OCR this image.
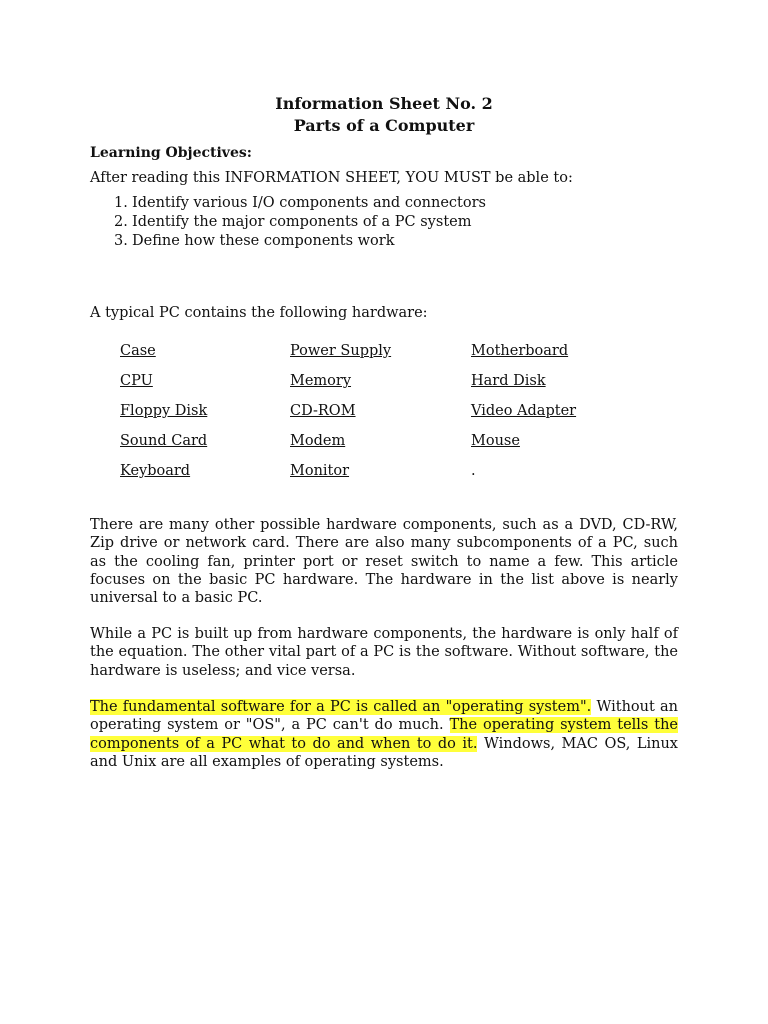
Information Sheet No. 2
Parts of a Computer
Learning Objectives:
After reading this INFORMATION SHEET, YOU MUST be able to:
1. Identify various I/O components and connectors
2. Identify the major components of a PC system
3. Define how these components work
A typical PC contains the following hardware:
Case	Power Supply	Motherboard
CPU	Memory	Hard Disk
Floppy Disk	CD-ROM	Video Adapter
Sound Card	Modem	Mouse
Keyboard	Monitor	.

There are many other possible hardware components, such as a DVD, CD-RW, Zip drive or network card. There are also many subcomponents of a PC, such as the cooling fan, printer port or reset switch to name a few. This article focuses on the basic PC hardware. The hardware in the list above is nearly universal to a basic PC.

While a PC is built up from hardware components, the hardware is only half of the equation. The other vital part of a PC is the software. Without software, the hardware is useless; and vice versa.

The fundamental software for a PC is called an "operating system". Without an operating system or "OS", a PC can't do much. The operating system tells the components of a PC what to do and when to do it. Windows, MAC OS, Linux and Unix are all examples of operating systems.
